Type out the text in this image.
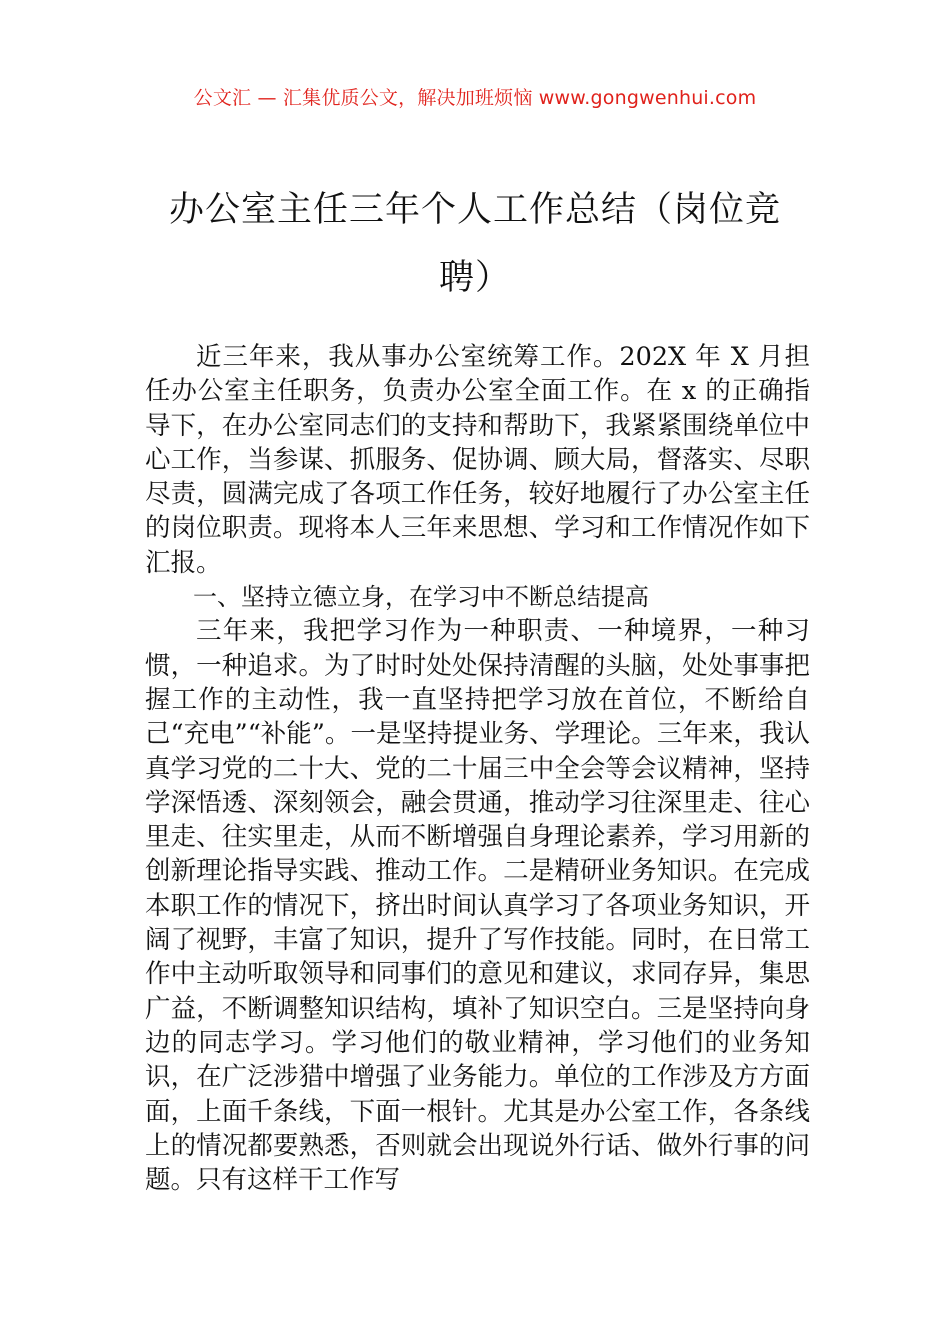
公文汇 — 汇集优质公文，解决加班烦恼 www.gongwenhui.com
办公室主任三年个人工作总结（岗位竞聘）

近三年来，我从事办公室统筹工作。202X 年 X 月担任办公室主任职务，负责办公室全面工作。在 x 的正确指导下，在办公室同志们的支持和帮助下，我紧紧围绕单位中心工作，当参谋、抓服务、促协调、顾大局，督落实、尽职尽责，圆满完成了各项工作任务，较好地履行了办公室主任的岗位职责。现将本人三年来思想、学习和工作情况作如下汇报。

一、坚持立德立身，在学习中不断总结提高

三年来，我把学习作为一种职责、一种境界，一种习惯，一种追求。为了时时处处保持清醒的头脑，处处事事把握工作的主动性，我一直坚持把学习放在首位，不断给自己“充电”“补能”。一是坚持提业务、学理论。三年来，我认真学习党的二十大、党的二十届三中全会等会议精神，坚持学深悟透、深刻领会，融会贯通，推动学习往深里走、往心里走、往实里走，从而不断增强自身理论素养，学习用新的创新理论指导实践、推动工作。二是精研业务知识。在完成本职工作的情况下，挤出时间认真学习了各项业务知识，开阔了视野，丰富了知识，提升了写作技能。同时，在日常工作中主动听取领导和同事们的意见和建议，求同存异，集思广益，不断调整知识结构，填补了知识空白。三是坚持向身边的同志学习。学习他们的敬业精神，学习他们的业务知识，在广泛涉猎中增强了业务能力。单位的工作涉及方方面面，上面千条线，下面一根针。尤其是办公室工作，各条线上的情况都要熟悉，否则就会出现说外行话、做外行事的问题。只有这样干工作写
